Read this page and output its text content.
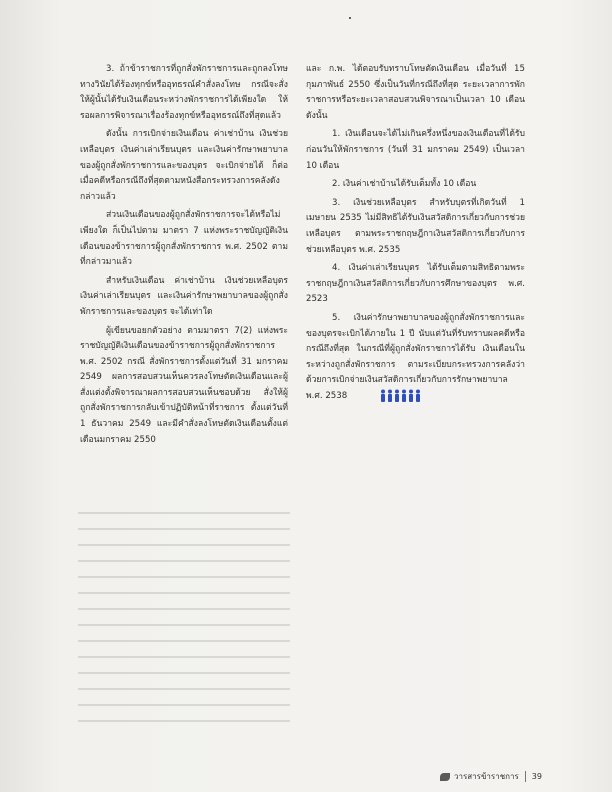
3. ถ้าข้าราชการที่ถูกสั่งพักราชการและถูกลงโทษทางวินัยได้ร้องทุกข์หรืออุทธรณ์คำสั่งลงโทษ กรณีจะสั่งให้ผู้นั้นได้รับเงินเดือนระหว่างพักราชการได้เพียงใด ให้รอผลการพิจารณาเรื่องร้องทุกข์หรืออุทธรณ์ถึงที่สุดแล้ว

ดังนั้น การเบิกจ่ายเงินเดือน ค่าเช่าบ้าน เงินช่วยเหลือบุตร เงินค่าเล่าเรียนบุตร และเงินค่ารักษาพยาบาลของผู้ถูกสั่งพักราชการและของบุตร จะเบิกจ่ายได้ ก็ต่อเมื่อคดีหรือกรณีถึงที่สุดตามหนังสือกระทรวงการคลังดังกล่าวแล้ว

ส่วนเงินเดือนของผู้ถูกสั่งพักราชการจะได้หรือไม่เพียงใด ก็เป็นไปตาม มาตรา 7 แห่งพระราชบัญญัติเงินเดือนของข้าราชการผู้ถูกสั่งพักราชการ พ.ศ. 2502 ตามที่กล่าวมาแล้ว

สำหรับเงินเดือน ค่าเช่าบ้าน เงินช่วยเหลือบุตร เงินค่าเล่าเรียนบุตร และเงินค่ารักษาพยาบาลของผู้ถูกสั่งพักราชการและของบุตร จะได้เท่าใด

ผู้เขียนขอยกตัวอย่าง ตามมาตรา 7(2) แห่งพระราชบัญญัติเงินเดือนของข้าราชการผู้ถูกสั่งพักราชการ พ.ศ. 2502 กรณี สั่งพักราชการตั้งแต่วันที่ 31 มกราคม 2549 ผลการสอบสวนเห็นควรลงโทษตัดเงินเดือนและผู้สั่งแต่งตั้งพิจารณาผลการสอบสวนเห็นชอบด้วย สั่งให้ผู้ถูกสั่งพักราชการกลับเข้าปฏิบัติหน้าที่ราชการ ตั้งแต่วันที่ 1 ธันวาคม 2549 และมีคำสั่งลงโทษตัดเงินเดือนตั้งแต่เดือนมกราคม 2550

และ ก.พ. ได้ตอบรับทราบโทษตัดเงินเดือน เมื่อวันที่ 15 กุมภาพันธ์ 2550 ซึ่งเป็นวันที่กรณีถึงที่สุด ระยะเวลาการพักราชการหรือระยะเวลาสอบสวนพิจารณาเป็นเวลา 10 เดือน ดังนั้น

1. เงินเดือนจะได้ไม่เกินครึ่งหนึ่งของเงินเดือนที่ได้รับก่อนวันให้พักราชการ (วันที่ 31 มกราคม 2549) เป็นเวลา 10 เดือน

2. เงินค่าเช่าบ้านได้รับเต็มทั้ง 10 เดือน

3. เงินช่วยเหลือบุตร สำหรับบุตรที่เกิดวันที่ 1 เมษายน 2535 ไม่มีสิทธิได้รับเงินสวัสดิการเกี่ยวกับการช่วยเหลือบุตร ตามพระราชกฤษฎีกาเงินสวัสดิการเกี่ยวกับการช่วยเหลือบุตร พ.ศ. 2535

4. เงินค่าเล่าเรียนบุตร ได้รับเต็มตามสิทธิตามพระราชกฤษฎีกาเงินสวัสดิการเกี่ยวกับการศึกษาของบุตร พ.ศ. 2523

5. เงินค่ารักษาพยาบาลของผู้ถูกสั่งพักราชการและของบุตรจะเบิกได้ภายใน 1 ปี นับแต่วันที่รับทราบผลคดีหรือกรณีถึงที่สุด ในกรณีที่ผู้ถูกสั่งพักราชการได้รับ เงินเดือนในระหว่างถูกสั่งพักราชการ ตามระเบียบกระทรวงการคลังว่าด้วยการเบิกจ่ายเงินสวัสดิการเกี่ยวกับการรักษาพยาบาล พ.ศ. 2538

วารสารข้าราชการ 39
